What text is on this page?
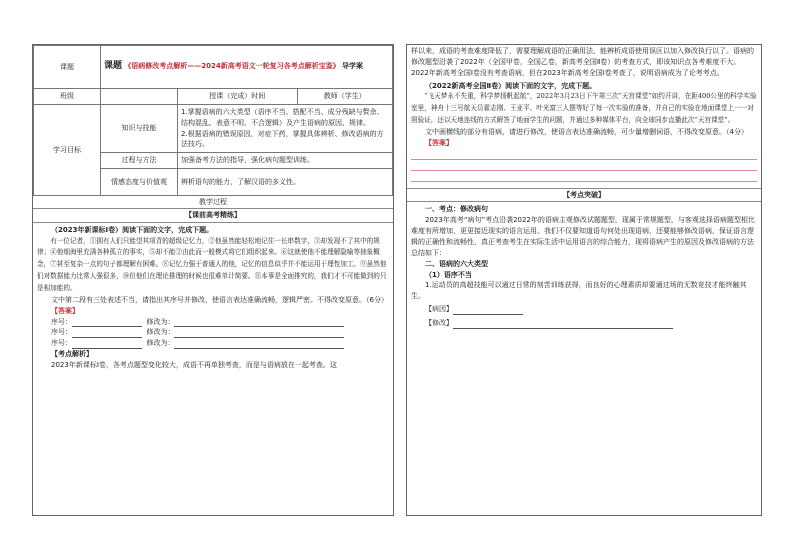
课题	课题 《语病修改考点解析——2024新高考语文一轮复习各考点解析宝鉴》 导学案		
班级		授课（完成）时间	教师（学生）
学习目标	知识与技能	1.掌握语病的六大类型（语序不当、搭配不当、成分残缺与赘余、结构混乱、表意不明、不合逻辑）及产生语病的原因、规律。
2.根据语病的错误原因，对症下药，掌握具体辨析、修改语病的方法技巧。	

	过程与方法	加强备考方法的指导，强化病句题型训练。	
	情感态度与价值观	辨析语句的能力，了解汉语的多义性。	
教学过程
【课前高考精练】

（2023年新课标Ⅰ卷）阅读下面的文字，完成下题。

有一位记者，①拥有人们只能望其项背的超级记忆力，②他虽然能轻松地记住一长串数字，③却发现不了其中的规律；④他细海里充满各种孤立的事实，⑤却不能②由此而一般模式将它们组织起来。⑥这就使他不能理解隐喻等抽象概念，⑦甚至复杂一点的句子都理解有困难。⑧记忆力强于普通人的他，记忆的信息似乎并不能运用于理性加工。⑨虽然他们对数据能力比常人强很多，⑩但他们在理论推理的时候也很难单计简要。⑪本事是全面推究的，我们才不可能做到的只是相加能的。

文中第二段有三处表述不当，请指出其序号并修改，使语言表达准确流畅，逻辑严密。不得改变原意。（6分）

【答案】

序号：	修改为：
序号：	修改为：
序号：	修改为：

【考点解析】

2023年新课标Ⅰ卷，各考点题型变化较大，成语不再单独考查，而是与语病放在一起考查。这

样以来，成语的考查难度降低了，需要理解成语的正确用法、能辨析成语使用误区以加入修改执行以了。语病的修改题型沿袭了2022年（全国甲卷，全国乙卷，新高考全国Ⅱ卷）的考查方式，即该知识点各考难度不大。2022年新高考全国Ⅰ卷没有考查语病，但在2023年新高考全国Ⅰ卷考查了，说明语病成为了论考考点。

（2022新高考全国Ⅱ卷）阅读下面的文字，完成下题。

“飞天梦永不失重，科学梦扬帆起航”，2022年3月23日下午第三次“天宫课堂”如约开讲，在距400公里的科学实验室里，神舟十三号航天员翟志刚、王亚平、叶光富三人摆等好了每一次实验的准备，并自己的实验在地面课堂上一一对照验证，还以天地连线的方式解答了地面学生的问题，并通过多种媒体平台，向全球同步直播此次“天宫课堂”。

文中画横线的部分有语病，请进行修改，使语言表达准确流畅，可少量增删词语，不得改变原意。（4分）

【答案】

【考点突破】

一、考点：修改病句

2023年高考“病句”考点沿袭2022年的语病主观修改试题题型，现属于常规题型，与客观选择语病题型相比难度有所增加，更更接近现实的语言运用。我们不仅要知道语句何处出现语病，还要能够修改语病，保证语言逻辑的正确性和流畅性，真正考查考生在实际生活中运用语言的综合能力，现将语病产生的原因及修改语病的方法总结如下：

二、语病的六大类型

（1）语序不当

1.运动员的高超技能可以通过日常的刻苦训练获得，而良好的心理素质却要通过场的无数竞技才能终触其生。

【病因】
【修改】
